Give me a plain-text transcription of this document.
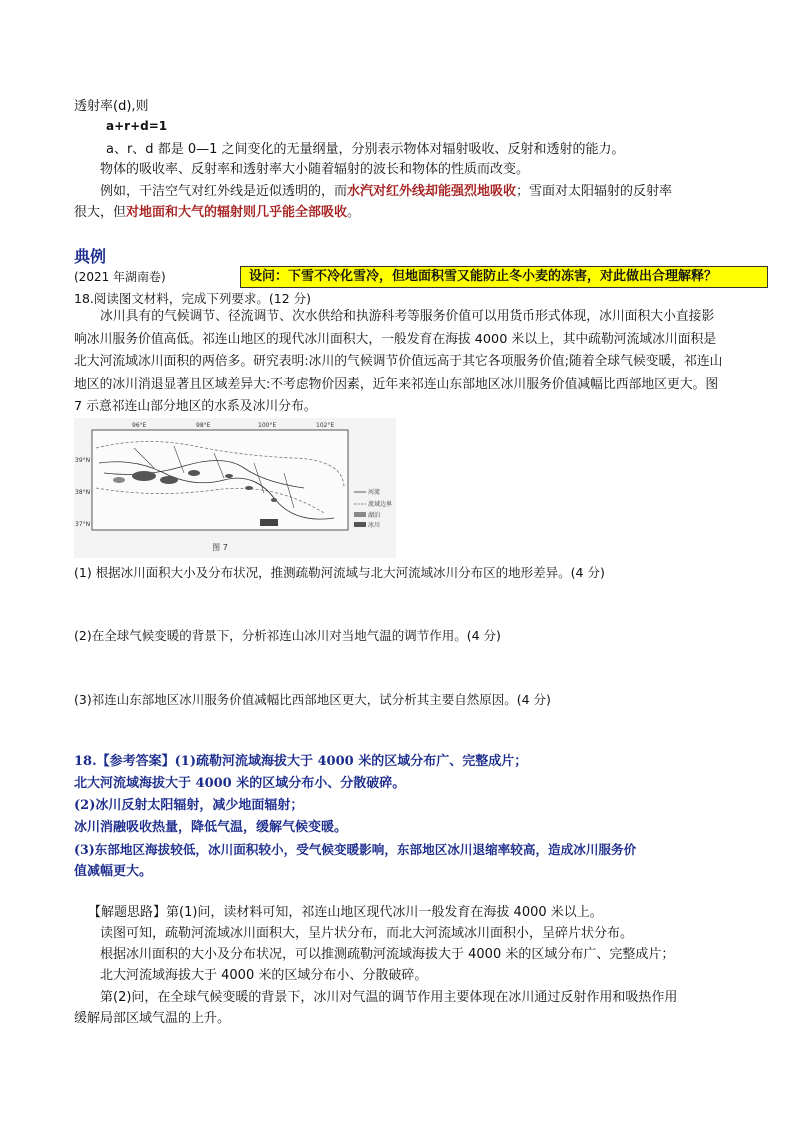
透射率(d),则
a+r+d=1
a、r、d 都是 0—1 之间变化的无量纲量，分别表示物体对辐射吸收、反射和透射的能力。
物体的吸收率、反射率和透射率大小随着辐射的波长和物体的性质而改变。
例如，干洁空气对红外线是近似透明的，而水汽对红外线却能强烈地吸收；雪面对太阳辐射的反射率
很大，但对地面和大气的辐射则几乎能全部吸收。
典例
(2021 年湖南卷)	设问：下雪不冷化雪冷，但地面积雪又能防止冬小麦的冻害，对此做出合理解释？
18.阅读图文材料，完成下列要求。(12 分)
冰川具有的气候调节、径流调节、次水供给和执游科考等服务价值可以用货币形式体现，冰川面积大小直接影响冰川服务价值高低。祁连山地区的现代冰川面积大，一般发育在海拔 4000 米以上，其中疏勒河流域冰川面积是北大河流域冰川面积的两倍多。研究表明:冰川的气候调节价值远高于其它各项服务价值;随着全球气候变暖，祁连山地区的冰川消退显著且区域差异大:不考虑物价因素，近年来祁连山东部地区冰川服务价值减幅比西部地区更大。图 7 示意祁连山部分地区的水系及冰川分布。
96°E	98°E	100°E	102°E
39°N
38°N
37°N
河流
流域边界
湖泊
冰川
图 7
(1) 根据冰川面积大小及分布状况，推测疏勒河流域与北大河流域冰川分布区的地形差异。(4 分)
(2)在全球气候变暖的背景下，分析祁连山冰川对当地气温的调节作用。(4 分)
(3)祁连山东部地区冰川服务价值减幅比西部地区更大，试分析其主要自然原因。(4 分)
18.【参考答案】(1)疏勒河流域海拔大于 4000 米的区域分布广、完整成片；
北大河流域海拔大于 4000 米的区域分布小、分散破碎。
(2)冰川反射太阳辐射，减少地面辐射；
冰川消融吸收热量，降低气温，缓解气候变暖。
(3)东部地区海拔较低，冰川面积较小，受气候变暖影响，东部地区冰川退缩率较高，造成冰川服务价
值减幅更大。
【解题思路】第(1)问，读材料可知，祁连山地区现代冰川一般发育在海拔 4000 米以上。
读图可知，疏勒河流域冰川面积大，呈片状分布，而北大河流域冰川面积小，呈碎片状分布。
根据冰川面积的大小及分布状况，可以推测疏勒河流域海拔大于 4000 米的区域分布广、完整成片；
北大河流域海拔大于 4000 米的区域分布小、分散破碎。
第(2)问，在全球气候变暖的背景下，冰川对气温的调节作用主要体现在冰川通过反射作用和吸热作用
缓解局部区域气温的上升。
